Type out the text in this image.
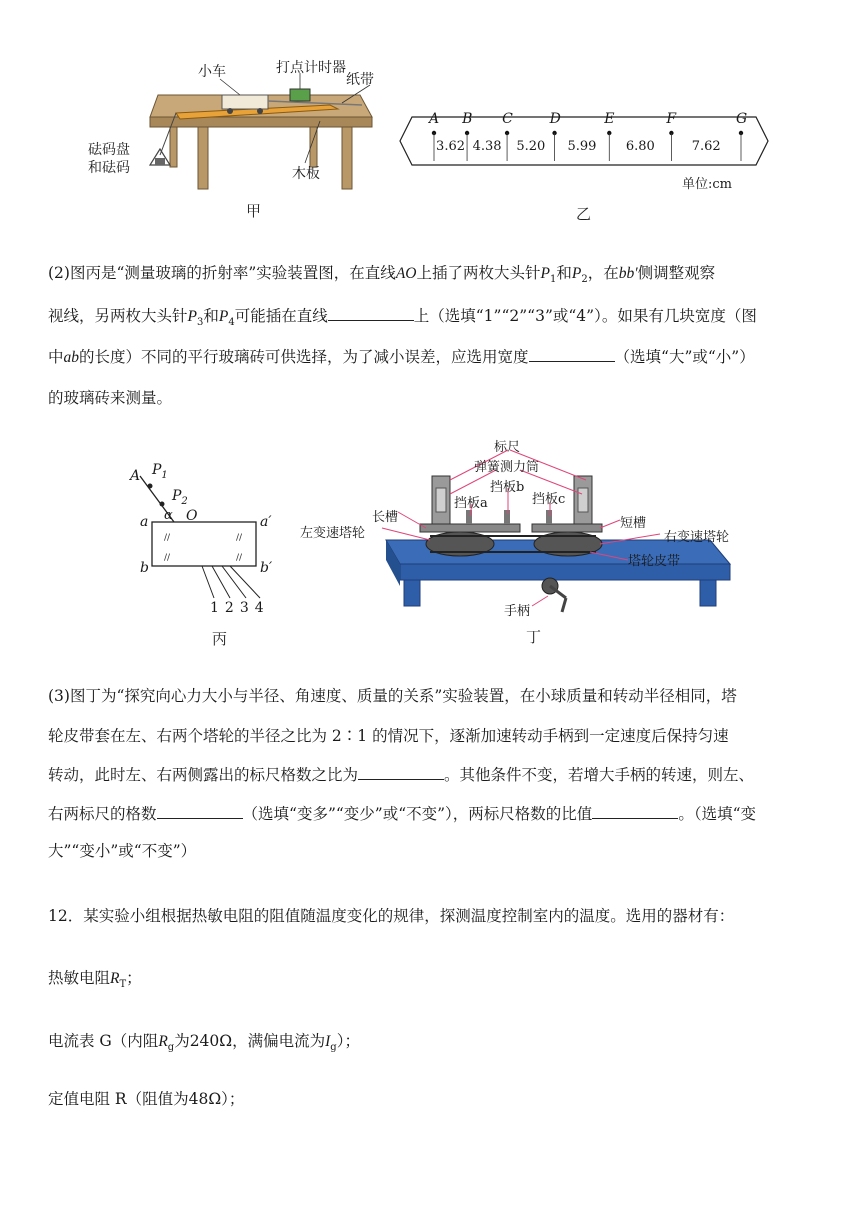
小车	打点计时器
纸带
砝码盘
和砝码	木板
甲
A B C	D	E	F	G
3.62 4.38 5.20 5.99 6.80	7.62
单位:cm
乙
(2)图丙是“测量玻璃的折射率”实验装置图，在直线AO上插了两枚大头针$P_1$和$P_2$，在bb′侧调整观察
视线，另两枚大头针$P_3$和$P_4$可能插在直线	上（选填“1”“2”“3”或“4”）。如果有几块宽度（图
中ab的长度）不同的平行玻璃砖可供选择，为了减小误差，应选用宽度	（选填“大”或“小”）
的玻璃砖来测量。
//	//
//	//
A $P_1$
$P_2$
α O
a	a′
b	b′
1234
丙
标尺
弹簧测力筒
挡板a
挡板b
挡板c
长槽	短槽
左变速塔轮	右变速塔轮
塔轮皮带
手柄
丁
(3)图丁为“探究向心力大小与半径、角速度、质量的关系”实验装置，在小球质量和转动半径相同，塔
轮皮带套在左、右两个塔轮的半径之比为 2∶1 的情况下，逐渐加速转动手柄到一定速度后保持匀速
转动，此时左、右两侧露出的标尺格数之比为	。其他条件不变，若增大手柄的转速，则左、
右两标尺的格数	（选填“变多”“变少”或“不变”），两标尺格数的比值	。（选填“变
大”“变小”或“不变”）
12．某实验小组根据热敏电阻的阻值随温度变化的规律，探测温度控制室内的温度。选用的器材有：
热敏电阻$R_T$；
电流表 G（内阻$R_g$为240Ω，满偏电流为$I_g$）；
定值电阻 R（阻值为48Ω）；
